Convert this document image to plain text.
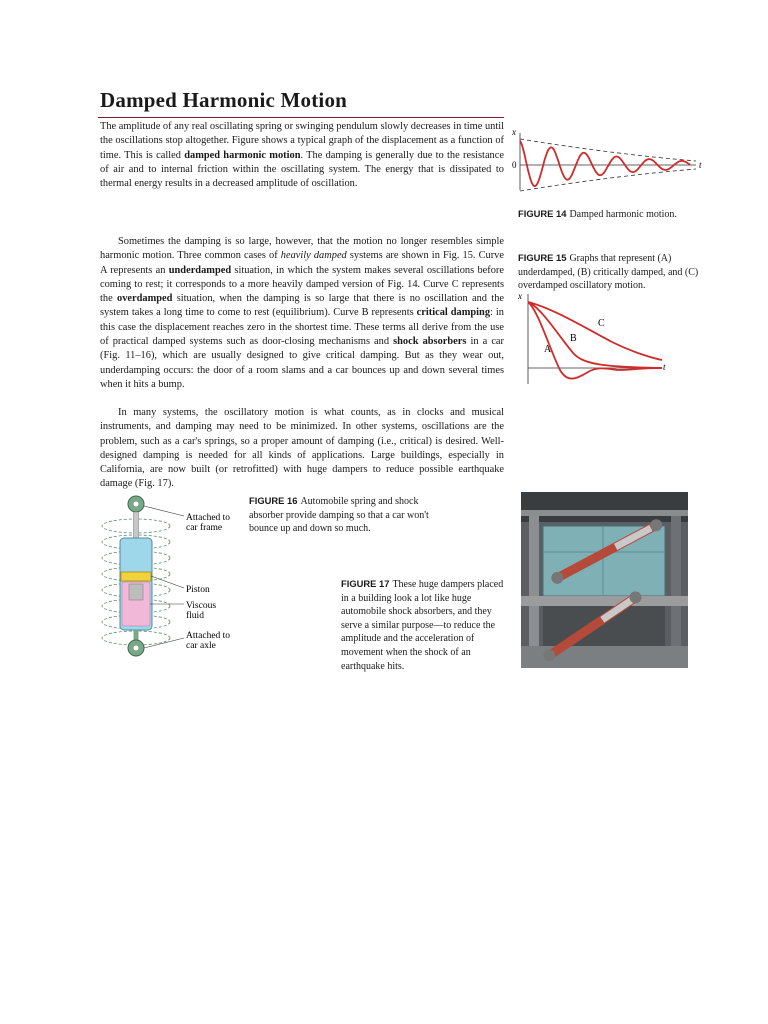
Damped Harmonic Motion
The amplitude of any real oscillating spring or swinging pendulum slowly decreases in time until the oscillations stop altogether. Figure shows a typical graph of the displacement as a function of time. This is called damped harmonic motion. The damping is generally due to the resistance of air and to internal friction within the oscillating system. The energy that is dissipated to thermal energy results in a decreased amplitude of oscillation.
x
t
0
FIGURE 14 Damped harmonic motion.
Sometimes the damping is so large, however, that the motion no longer resembles simple harmonic motion. Three common cases of heavily damped systems are shown in Fig. 15. Curve A represents an underdamped situation, in which the system makes several oscillations before coming to rest; it corresponds to a more heavily damped version of Fig. 14. Curve C represents the overdamped situation, when the damping is so large that there is no oscillation and the system takes a long time to come to rest (equilibrium). Curve B represents critical damping: in this case the displacement reaches zero in the shortest time. These terms all derive from the use of practical damped systems such as door-closing mechanisms and shock absorbers in a car (Fig. 11–16), which are usually designed to give critical damping. But as they wear out, underdamping occurs: the door of a room slams and a car bounces up and down several times when it hits a bump.
FIGURE 15 Graphs that represent (A) underdamped, (B) critically damped, and (C) overdamped oscillatory motion.
x
t
C
B
A
In many systems, the oscillatory motion is what counts, as in clocks and musical instruments, and damping may need to be minimized. In other systems, oscillations are the problem, such as a car's springs, so a proper amount of damping (i.e., critical) is desired. Well-designed damping is needed for all kinds of applications. Large buildings, especially in California, are now built (or retrofitted) with huge dampers to reduce possible earthquake damage (Fig. 17).
Attached to
car frame
Piston
Viscous
fluid
Attached to
car axle
FIGURE 16 Automobile spring and shock absorber provide damping so that a car won't bounce up and down so much.
FIGURE 17 These huge dampers placed in a building look a lot like huge automobile shock absorbers, and they serve a similar purpose—to reduce the amplitude and the acceleration of movement when the shock of an earthquake hits.
